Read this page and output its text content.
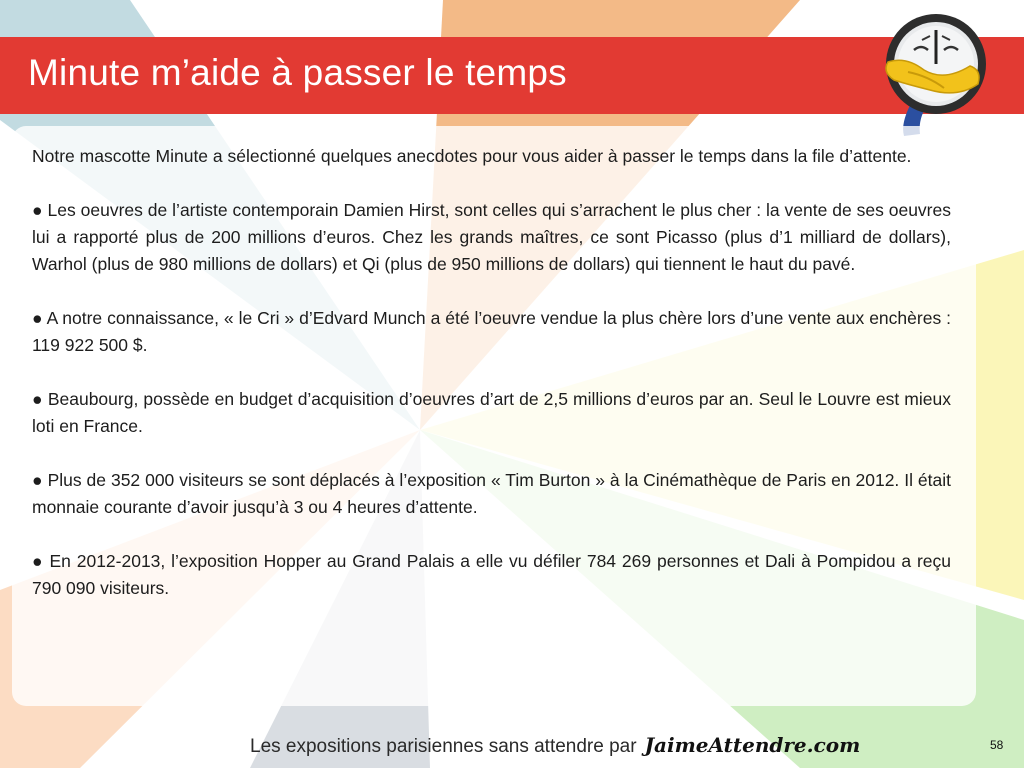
Minute m’aide à passer le temps

Notre mascotte Minute a sélectionné quelques anecdotes pour vous aider à passer le temps dans la file d’attente.

● Les oeuvres de l’artiste contemporain Damien Hirst, sont celles qui s’arrachent le plus cher : la vente de ses oeuvres lui a rapporté plus de 200 millions d’euros. Chez les grands maîtres, ce sont Picasso (plus d’1 milliard de dollars), Warhol (plus de 980 millions de dollars) et Qi (plus de 950 millions de dollars) qui tiennent le haut du pavé.

● A notre connaissance, « le Cri » d’Edvard Munch a été l’oeuvre vendue la plus chère lors d’une vente aux enchères : 119 922 500 $.

● Beaubourg, possède en budget d’acquisition d’oeuvres d’art de 2,5 millions d’euros par an. Seul le Louvre est mieux loti en France.

● Plus de 352 000 visiteurs se sont déplacés à l’exposition « Tim Burton » à la Cinémathèque de Paris en 2012. Il était monnaie courante d’avoir jusqu’à 3 ou 4 heures d’attente.

● En 2012-2013, l’exposition Hopper au Grand Palais a elle vu défiler 784 269 personnes et Dali à Pompidou a reçu 790 090 visiteurs.

Les expositions parisiennes sans attendre par JaimeAttendre.com	58
